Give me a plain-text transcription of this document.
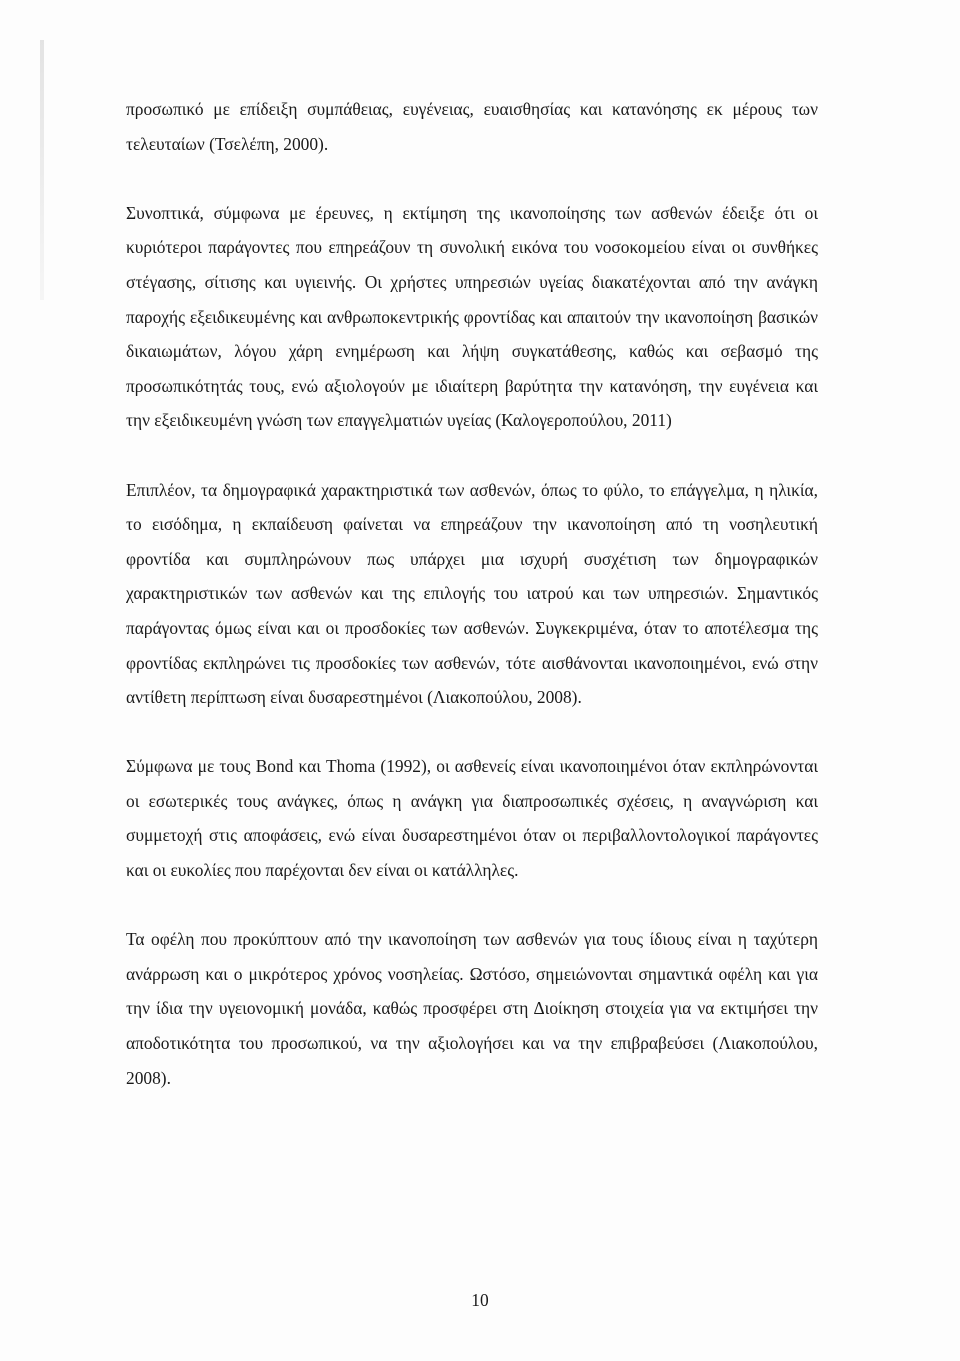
προσωπικό με επίδειξη συμπάθειας, ευγένειας, ευαισθησίας και κατανόησης εκ μέρους των τελευταίων (Τσελέπη, 2000).

Συνοπτικά, σύμφωνα με έρευνες, η εκτίμηση της ικανοποίησης των ασθενών έδειξε ότι οι κυριότεροι παράγοντες που επηρεάζουν τη συνολική εικόνα του νοσοκομείου είναι οι συνθήκες στέγασης, σίτισης και υγιεινής. Οι χρήστες υπηρεσιών υγείας διακατέχονται από την ανάγκη παροχής εξειδικευμένης και ανθρωποκεντρικής φροντίδας και απαιτούν την ικανοποίηση βασικών δικαιωμάτων, λόγου χάρη ενημέρωση και λήψη συγκατάθεσης, καθώς και σεβασμό της προσωπικότητάς τους, ενώ αξιολογούν με ιδιαίτερη βαρύτητα την κατανόηση, την ευγένεια και την εξειδικευμένη γνώση των επαγγελματιών υγείας (Καλογεροπούλου, 2011)

Επιπλέον, τα δημογραφικά χαρακτηριστικά των ασθενών, όπως το φύλο, το επάγγελμα, η ηλικία, το εισόδημα, η εκπαίδευση φαίνεται να επηρεάζουν την ικανοποίηση από τη νοσηλευτική φροντίδα και συμπληρώνουν πως υπάρχει μια ισχυρή συσχέτιση των δημογραφικών χαρακτηριστικών των ασθενών και της επιλογής του ιατρού και των υπηρεσιών. Σημαντικός παράγοντας όμως είναι και οι προσδοκίες των ασθενών. Συγκεκριμένα, όταν το αποτέλεσμα της φροντίδας εκπληρώνει τις προσδοκίες των ασθενών, τότε αισθάνονται ικανοποιημένοι, ενώ στην αντίθετη περίπτωση είναι δυσαρεστημένοι (Λιακοπούλου, 2008).

Σύμφωνα με τους Bond και Thoma (1992), οι ασθενείς είναι ικανοποιημένοι όταν εκπληρώνονται οι εσωτερικές τους ανάγκες, όπως η ανάγκη για διαπροσωπικές σχέσεις, η αναγνώριση και συμμετοχή στις αποφάσεις, ενώ είναι δυσαρεστημένοι όταν οι περιβαλλοντολογικοί παράγοντες και οι ευκολίες που παρέχονται δεν είναι οι κατάλληλες.

Τα οφέλη που προκύπτουν από την ικανοποίηση των ασθενών για τους ίδιους είναι η ταχύτερη ανάρρωση και ο μικρότερος χρόνος νοσηλείας. Ωστόσο, σημειώνονται σημαντικά οφέλη και για την ίδια την υγειονομική μονάδα, καθώς προσφέρει στη Διοίκηση στοιχεία για να εκτιμήσει την αποδοτικότητα του προσωπικού, να την αξιολογήσει και να την επιβραβεύσει (Λιακοπούλου, 2008).

10
